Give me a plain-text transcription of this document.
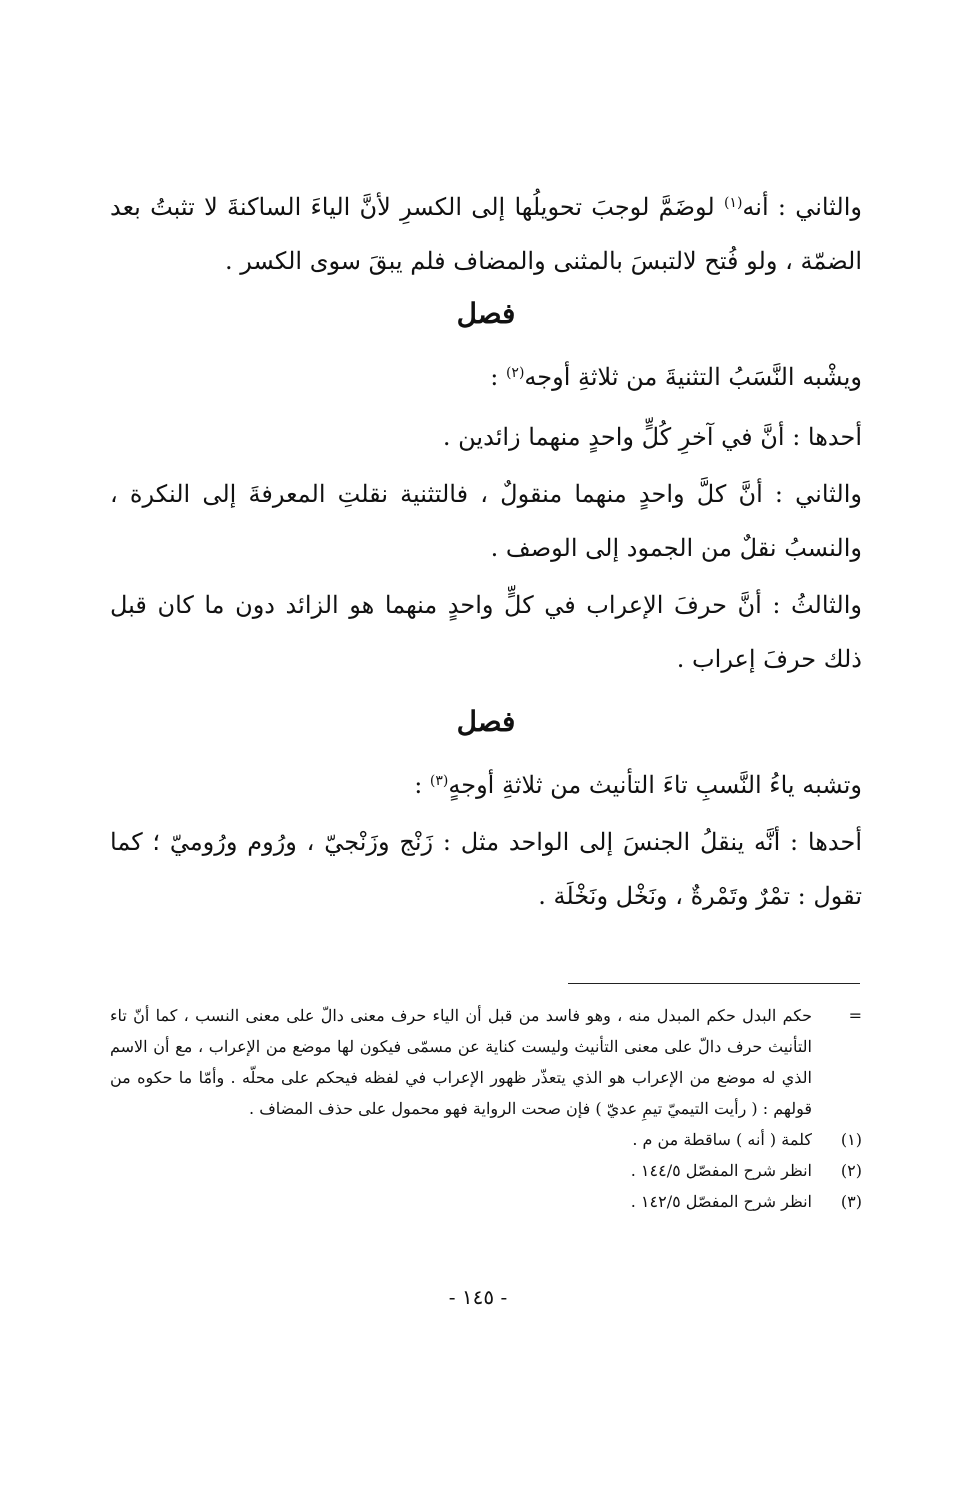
والثاني : أنه$^{(١)}$ لوضَمَّ لوجبَ تحويلُها إلى الكسرِ لأنَّ الياءَ الساكنةَ لا تثبتُ بعد الضمّة ، ولو فُتح لالتبسَ بالمثنى والمضاف فلم يبقَ سوى الكسر .

فصل

ويشْبه النَّسَبُ التثنيةَ من ثلاثةِ أوجه$^{(٢)}$ :

أحدها : أنَّ في آخرِ كُلٍّ واحدٍ منهما زائدين .

والثاني : أنَّ كلَّ واحدٍ منهما منقولٌ ، فالتثنية نقلتِ المعرفةَ إلى النكرة ، والنسبُ نقلٌ من الجمود إلى الوصف .

والثالثُ : أنَّ حرفَ الإعراب في كلٍّ واحدٍ منهما هو الزائد دون ما كان قبل ذلك حرفَ إعراب .

فصل

وتشبه ياءُ النَّسبِ تاءَ التأنيث من ثلاثةِ أوجهٍ$^{(٣)}$ :

أحدها : أنَّه ينقلُ الجنسَ إلى الواحد مثل : زَنْج وزَنْجيّ ، ورُوم ورُوميّ ؛ كما تقول : تمْرٌ وتَمْرةٌ ، ونَخْل ونَخْلَة .

=
حكم البدل حكم المبدل منه ، وهو فاسد من قبل أن الياء حرف معنى دالّ على معنى النسب ، كما أنّ تاء التأنيث حرف دالّ على معنى التأنيث وليست كناية عن مسمّى فيكون لها موضع من الإعراب ، مع أن الاسم الذي له موضع من الإعراب هو الذي يتعذّر ظهور الإعراب في لفظه فيحكم على محلّه . وأمّا ما حكوه من قولهم : ( رأيت التيميّ تيمِ عديّ ) فإن صحت الرواية فهو محمول على حذف المضاف .
(١)
كلمة ( أنه ) ساقطة من م .
(٢)
انظر شرح المفصّل ١٤٤/٥ .
(٣)
انظر شرح المفصّل ١٤٢/٥ .
- ١٤٥ -
